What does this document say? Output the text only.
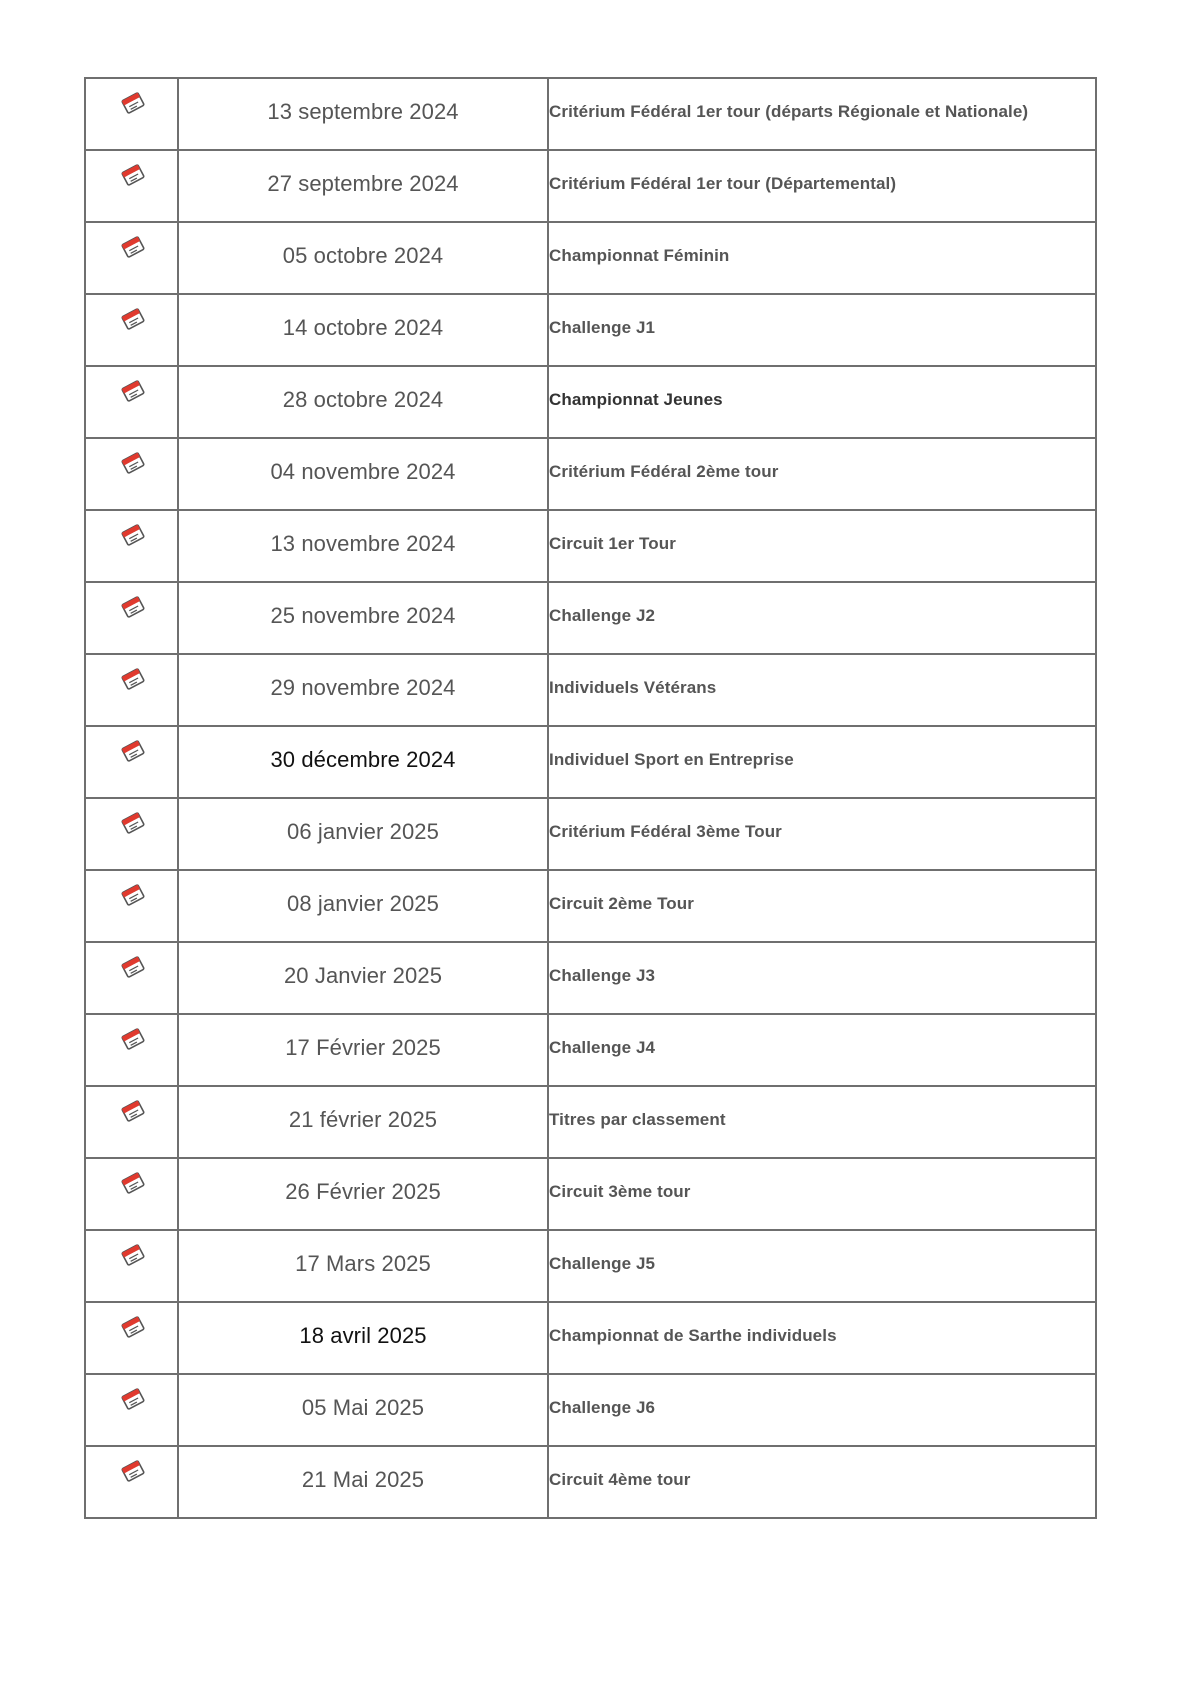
	13 septembre 2024	Critérium Fédéral 1er tour (départs Régionale et Nationale)

	27 septembre 2024	Critérium Fédéral 1er tour (Départemental)

	05 octobre 2024	Championnat Féminin

	14 octobre 2024	Challenge J1

	28 octobre 2024	Championnat Jeunes

	04 novembre 2024	Critérium Fédéral 2ème tour

	13 novembre 2024	Circuit 1er Tour

	25 novembre 2024	Challenge J2

	29 novembre 2024	Individuels Vétérans

	30 décembre 2024	Individuel Sport en Entreprise

	06 janvier 2025	Critérium Fédéral 3ème Tour

	08 janvier 2025	Circuit 2ème Tour

	20 Janvier 2025	Challenge J3

	17 Février 2025	Challenge J4

	21 février 2025	Titres par classement

	26 Février 2025	Circuit 3ème tour

	17 Mars 2025	Challenge J5

	18 avril 2025	Championnat de Sarthe individuels

	05 Mai 2025	Challenge J6

	21 Mai 2025	Circuit 4ème tour
